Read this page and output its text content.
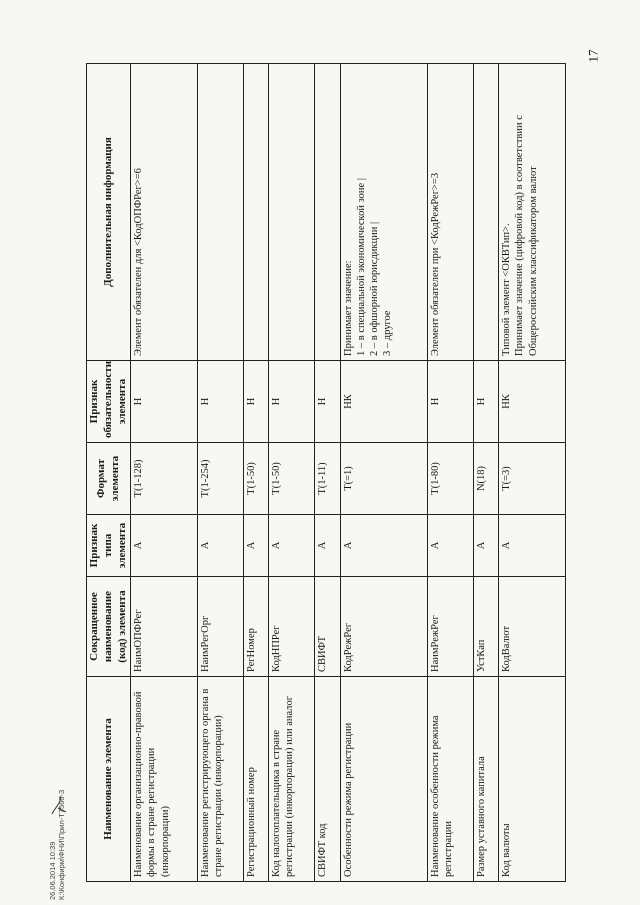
17
Наименование элемента	Сокращенное наименование (код) элемента	Признак типа элемента	Формат элемента	Признак обязательности элемента	Дополнительная информация
Наименование организационно-правовой формы в стране регистрации (инкорпорации)	НаимОПФРег	А	T(1-128)	Н	Элемент обязателен для <КодОПФРег>=6
Наименование регистрирующего органа в стране регистрации (инкорпорации)	НаимРегОрг	А	T(1-254)	Н	
Регистрационный номер	РегНомер	А	T(1-50)	Н	
Код налогоплательщика в стране регистрации (инкорпорации) или аналог	КодНПРег	А	T(1-50)	Н	
СВИФТ код	СВИФТ	А	T(1-11)	Н	
Особенности режима регистрации	КодРежРег	А	T(=1)	НК	Принимает значение:
1 – в специальной экономической зоне |
2 – в офшорной юрисдикции |
3 – другое
Наименование особенности режима регистрации	НаимРежРег	А	T(1-80)	Н	Элемент обязателен при <КодРежРег>=3
Размер уставного капитала	УстКап	А	N(18)	Н	
Код валюты	КодВалют	А	T(=3)	НК	Типовой элемент <ОКВТип>.
Принимает значение (цифровой код) в соответствии с Общероссийским классификатором валют
26.06.2014 10:39 К:\Конфирм\ФНИ\Прил-Т7566-3
